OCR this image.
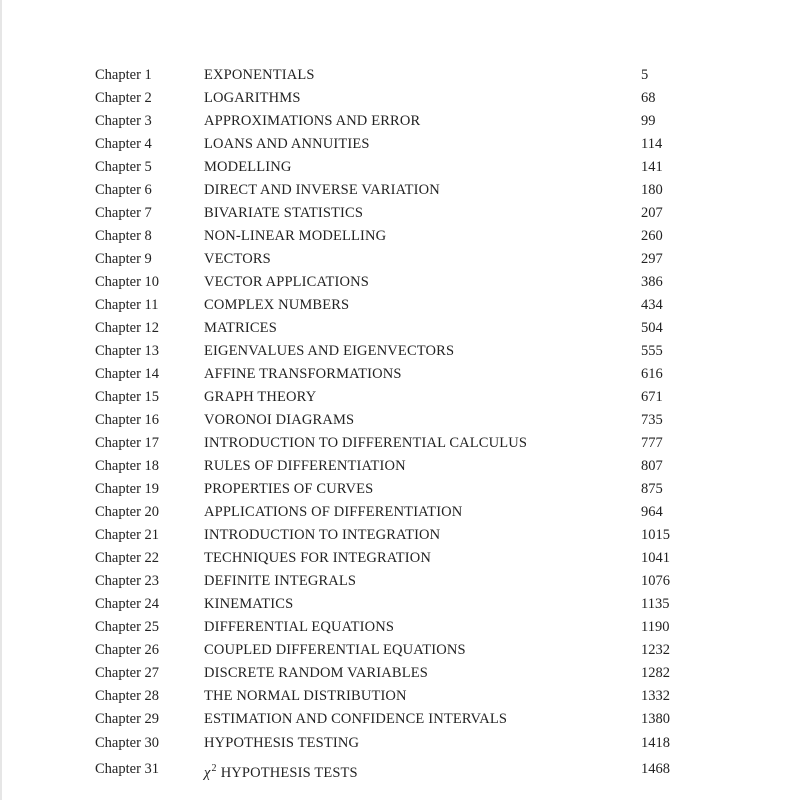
Chapter 1	EXPONENTIALS	5
Chapter 2	LOGARITHMS	68
Chapter 3	APPROXIMATIONS AND ERROR	99
Chapter 4	LOANS AND ANNUITIES	114
Chapter 5	MODELLING	141
Chapter 6	DIRECT AND INVERSE VARIATION	180
Chapter 7	BIVARIATE STATISTICS	207
Chapter 8	NON-LINEAR MODELLING	260
Chapter 9	VECTORS	297
Chapter 10	VECTOR APPLICATIONS	386
Chapter 11	COMPLEX NUMBERS	434
Chapter 12	MATRICES	504
Chapter 13	EIGENVALUES AND EIGENVECTORS	555
Chapter 14	AFFINE TRANSFORMATIONS	616
Chapter 15	GRAPH THEORY	671
Chapter 16	VORONOI DIAGRAMS	735
Chapter 17	INTRODUCTION TO DIFFERENTIAL CALCULUS	777
Chapter 18	RULES OF DIFFERENTIATION	807
Chapter 19	PROPERTIES OF CURVES	875
Chapter 20	APPLICATIONS OF DIFFERENTIATION	964
Chapter 21	INTRODUCTION TO INTEGRATION	1015
Chapter 22	TECHNIQUES FOR INTEGRATION	1041
Chapter 23	DEFINITE INTEGRALS	1076
Chapter 24	KINEMATICS	1135
Chapter 25	DIFFERENTIAL EQUATIONS	1190
Chapter 26	COUPLED DIFFERENTIAL EQUATIONS	1232
Chapter 27	DISCRETE RANDOM VARIABLES	1282
Chapter 28	THE NORMAL DISTRIBUTION	1332
Chapter 29	ESTIMATION AND CONFIDENCE INTERVALS	1380
Chapter 30	HYPOTHESIS TESTING	1418
Chapter 31	$\chi^2$ HYPOTHESIS TESTS	1468
